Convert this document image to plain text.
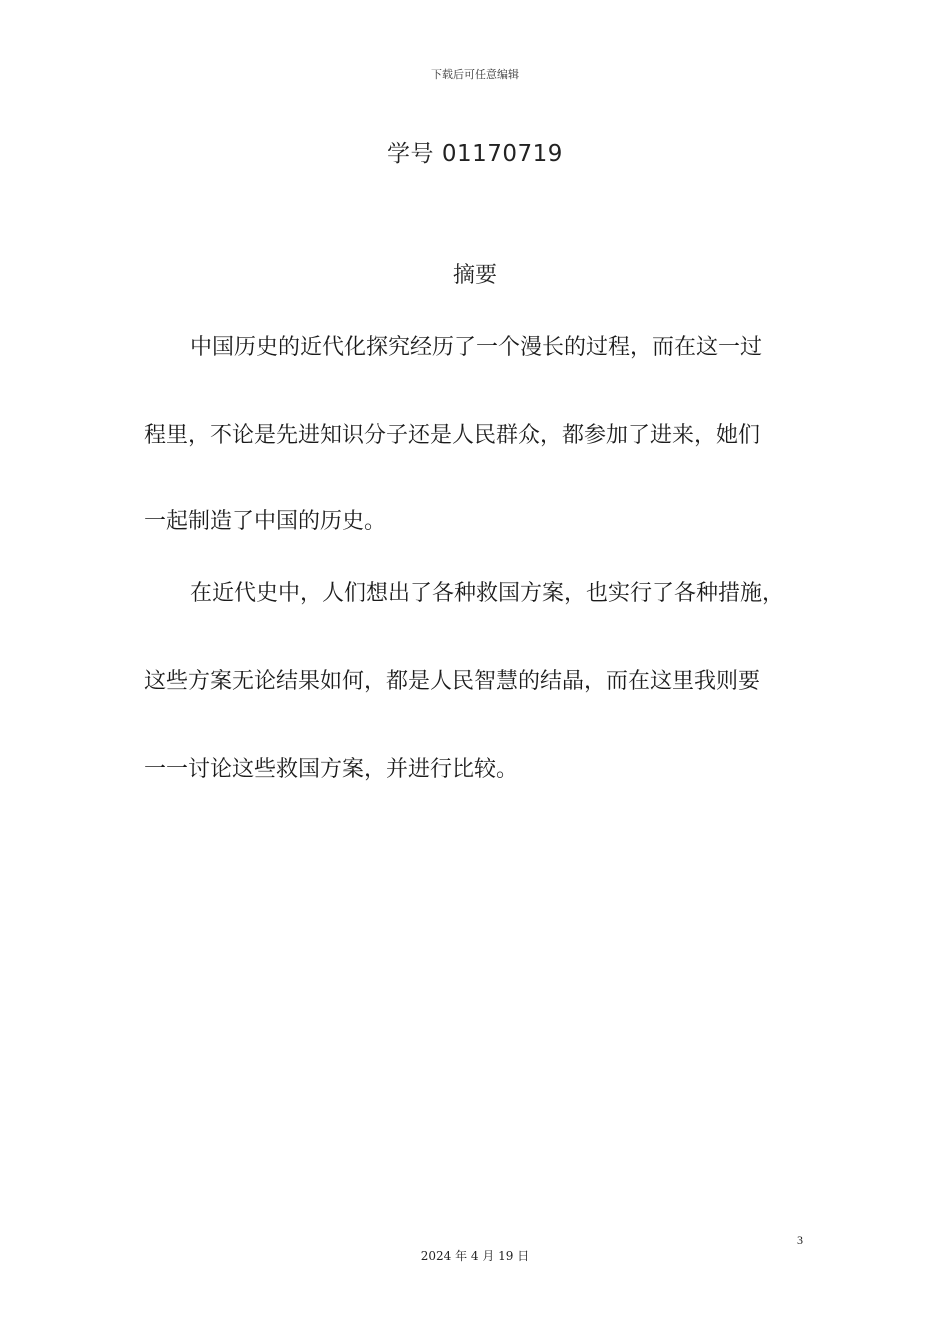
下载后可任意编辑
学号 01170719
摘要
中国历史的近代化探究经历了一个漫长的过程，而在这一过
程里，不论是先进知识分子还是人民群众，都参加了进来，她们
一起制造了中国的历史。
在近代史中，人们想出了各种救国方案，也实行了各种措施，
这些方案无论结果如何，都是人民智慧的结晶，而在这里我则要
一一讨论这些救国方案，并进行比较。
3
2024 年 4 月 19 日
